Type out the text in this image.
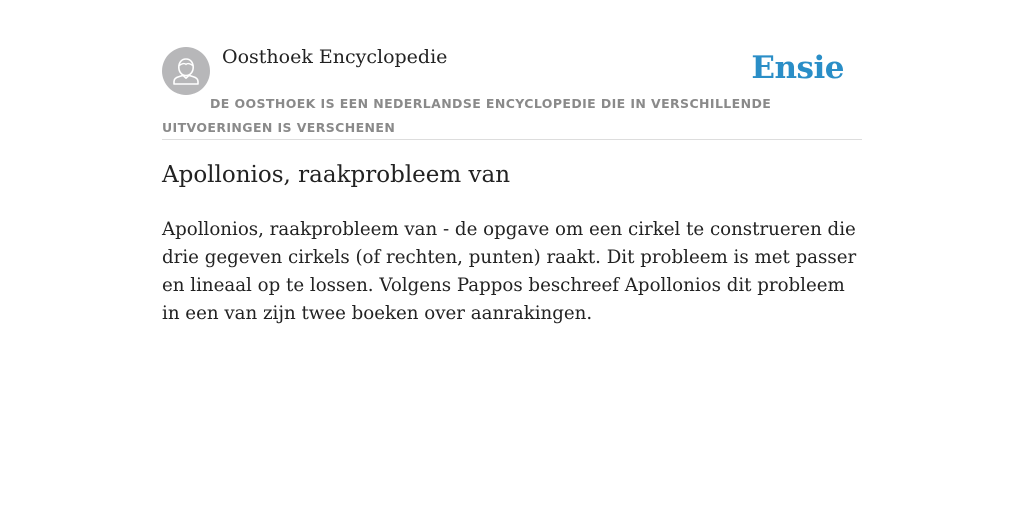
Oosthoek Encyclopedie	Ensie
DE OOSTHOEK IS EEN NEDERLANDSE ENCYCLOPEDIE DIE IN VERSCHILLENDE UITVOERINGEN IS VERSCHENEN
Apollonios, raakprobleem van

Apollonios, raakprobleem van - de opgave om een cirkel te construeren die drie gegeven cirkels (of rechten, punten) raakt. Dit probleem is met passer en lineaal op te lossen. Volgens Pappos beschreef Apollonios dit probleem in een van zijn twee boeken over aanrakingen.
